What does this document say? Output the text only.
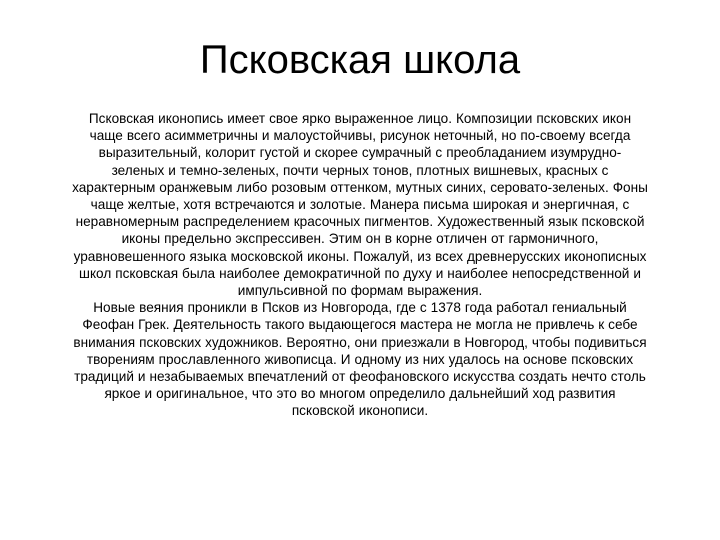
Псковская школа

Псковская иконопись имеет свое ярко выраженное лицо. Композиции псковских икон
чаще всего асимметричны и малоустойчивы, рисунок неточный, но по-своему всегда
выразительный, колорит густой и скорее сумрачный с преобладанием изумрудно-
зеленых и темно-зеленых, почти черных тонов, плотных вишневых, красных с
характерным оранжевым либо розовым оттенком, мутных синих, серовато-зеленых. Фоны
чаще желтые, хотя встречаются и золотые. Манера письма широкая и энергичная, с
неравномерным распределением красочных пигментов. Художественный язык псковской
иконы предельно экспрессивен. Этим он в корне отличен от гармоничного,
уравновешенного языка московской иконы. Пожалуй, из всех древнерусских иконописных
школ псковская была наиболее демократичной по духу и наиболее непосредственной и
импульсивной по формам выражения.
Новые веяния проникли в Псков из Новгорода, где с 1378 года работал гениальный
Феофан Грек. Деятельность такого выдающегося мастера не могла не привлечь к себе
внимания псковских художников. Вероятно, они приезжали в Новгород, чтобы подивиться
творениям прославленного живописца. И одному из них удалось на основе псковских
традиций и незабываемых впечатлений от феофановского искусства создать нечто столь
яркое и оригинальное, что это во многом определило дальнейший ход развития
псковской иконописи.
